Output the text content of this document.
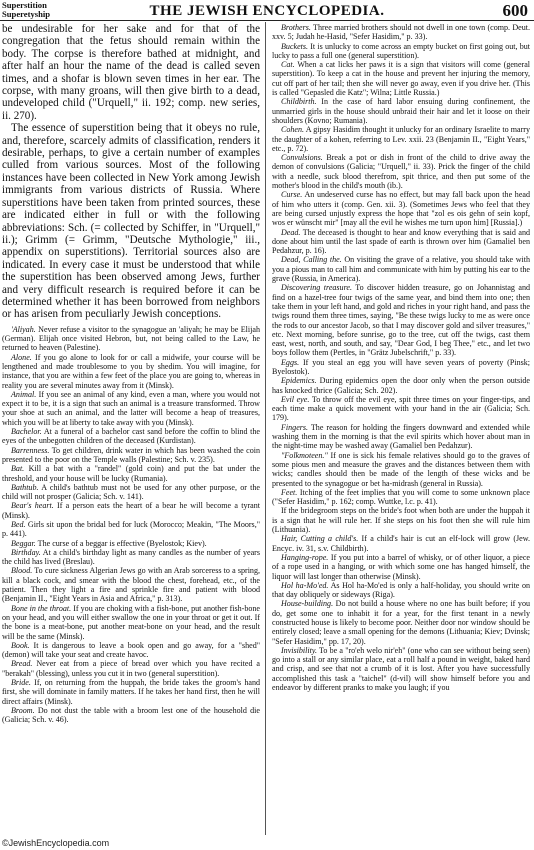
Superstition
Superetyship	THE JEWISH ENCYCLOPEDIA.	600

be undesirable for her sake and for that of the congregation that the fetus should remain within the body. The corpse is therefore bathed at midnight, and after half an hour the name of the dead is called seven times, and a shofar is blown seven times in her ear. The corpse, with many groans, will then give birth to a dead, undeveloped child ("Urquell," ii. 192; comp. new series, ii. 270).

The essence of superstition being that it obeys no rule, and, therefore, scarcely admits of classification, renders it desirable, perhaps, to give a certain number of examples culled from various sources. Most of the following instances have been collected in New York among Jewish immigrants from various districts of Russia. Where superstitions have been taken from printed sources, these are indicated either in full or with the following abbreviations: Sch. (= collected by Schiffer, in "Urquell," ii.); Grimm (= Grimm, "Deutsche Mythologie," iii., appendix on superstitions). Territorial sources also are indicated. In every case it must be understood that while the superstition has been observed among Jews, further and very difficult research is required before it can be determined whether it has been borrowed from neighbors or has arisen from peculiarly Jewish conceptions.

'Aliyah. Never refuse a visitor to the synagogue an 'aliyah; he may be Elijah (German). Elijah once visited Hebron, but, not being called to the Law, he returned to heaven (Palestine).

Alone. If you go alone to look for or call a midwife, your course will be lengthened and made troublesome to you by shedim. You will imagine, for instance, that you are within a few feet of the place you are going to, whereas in reality you are several minutes away from it (Minsk).

Animal. If you see an animal of any kind, even a man, where you would not expect it to be, it is a sign that such an animal is a treasure transformed. Throw your shoe at such an animal, and the latter will become a heap of treasures, which you will be at liberty to take away with you (Minsk).

Bachelor. At a funeral of a bachelor cast sand before the coffin to blind the eyes of the unbegotten children of the deceased (Kurdistan).

Barrenness. To get children, drink water in which has been washed the coin presented to the poor on the Temple walls (Palestine; Sch. v. 235).

Bat. Kill a bat with a "randel" (gold coin) and put the bat under the threshold, and your house will be lucky (Rumania).

Bathtub. A child's bathtub must not be used for any other purpose, or the child will not prosper (Galicia; Sch. v. 141).

Bear's heart. If a person eats the heart of a bear he will become a tyrant (Minsk).

Bed. Girls sit upon the bridal bed for luck (Morocco; Meakin, "The Moors," p. 441).

Beggar. The curse of a beggar is effective (Byelostok; Kiev).

Birthday. At a child's birthday light as many candles as the number of years the child has lived (Breslau).

Blood. To cure sickness Algerian Jews go with an Arab sorceress to a spring, kill a black cock, and smear with the blood the chest, forehead, etc., of the patient. Then they light a fire and sprinkle fire and patient with blood (Benjamin II., "Eight Years in Asia and Africa," p. 313).

Bone in the throat. If you are choking with a fish-bone, put another fish-bone on your head, and you will either swallow the one in your throat or get it out. If the bone is a meat-bone, put another meat-bone on your head, and the result will be the same (Minsk).

Book. It is dangerous to leave a book open and go away, for a "shed" (demon) will take your seat and create havoc.

Bread. Never eat from a piece of bread over which you have recited a "berakah" (blessing), unless you cut it in two (general superstition).

Bride. If, on returning from the huppah, the bride takes the groom's hand first, she will dominate in family matters. If he takes her hand first, then he will direct affairs (Minsk).

Broom. Do not dust the table with a broom lest one of the household die (Galicia; Sch. v. 46).

Brothers. Three married brothers should not dwell in one town (comp. Deut. xxv. 5; Judah he-Hasid, "Sefer Hasidim," p. 33).

Buckets. It is unlucky to come across an empty bucket on first going out, but lucky to pass a full one (general superstition).

Cat. When a cat licks her paws it is a sign that visitors will come (general superstition). To keep a cat in the house and prevent her injuring the memory, cut off part of her tail; then she will never go away, even if you drive her. (This is called "Gepasled die Katz"; Wilna; Little Russia.)

Childbirth. In the case of hard labor ensuing during confinement, the unmarried girls in the house should unbraid their hair and let it loose on their shoulders (Kovno; Rumania).

Cohen. A gipsy Hasidim thought it unlucky for an ordinary Israelite to marry the daughter of a kohen, referring to Lev. xxii. 23 (Benjamin II., "Eight Years," etc., p. 72).

Convulsions. Break a pot or dish in front of the child to drive away the demon of convulsions (Galicia; "Urquell," ii. 33). Prick the finger of the child with a needle, suck blood therefrom, spit thrice, and then put some of the mother's blood in the child's mouth (ib.).

Curse. An undeserved curse has no effect, but may fall back upon the head of him who utters it (comp. Gen. xii. 3). (Sometimes Jews who feel that they are being cursed unjustly express the hope that "zol es ois gehn of sein kopf, wos er wünscht mir" [may all the evil he wishes me turn upon him] [Russia].)

Dead. The deceased is thought to hear and know everything that is said and done about him until the last spade of earth is thrown over him (Gamaliel ben Pedahzur, p. 16).

Dead, Calling the. On visiting the grave of a relative, you should take with you a pious man to call him and communicate with him by putting his ear to the grave (Russia, in America).

Discovering treasure. To discover hidden treasure, go on Johannistag and find on a hazel-tree four twigs of the same year, and bind them into one; then take them in your left hand, and gold and riches in your right hand, and pass the twigs round them three times, saying, "Be these twigs lucky to me as were once the rods to our ancestor Jacob, so that I may discover gold and silver treasures," etc. Next morning, before sunrise, go to the tree, cut off the twigs, cast them east, west, north, and south, and say, "Dear God, I beg Thee," etc., and let two boys follow them (Pertles, in "Grätz Jubelschrift," p. 33).

Eggs. If you steal an egg you will have seven years of poverty (Pinsk; Byelostok).

Epidemics. During epidemics open the door only when the person outside has knocked thrice (Galicia; Sch. 202).

Evil eye. To throw off the evil eye, spit three times on your finger-tips, and each time make a quick movement with your hand in the air (Galicia; Sch. 179).

Fingers. The reason for holding the fingers downward and extended while washing them in the morning is that the evil spirits which hover about man in the night-time may be washed away (Gamaliel ben Pedahzur).

"Folkmoteen." If one is sick his female relatives should go to the graves of some pious men and measure the graves and the distances between them with wicks; candles should then be made of the length of these wicks and be presented to the synagogue or bet ha-midrash (general in Russia).

Feet. Itching of the feet implies that you will come to some unknown place ("Sefer Hasidim," p. 162; comp. Wuttke, l.c. p. 41).

If the bridegroom steps on the bride's foot when both are under the huppah it is a sign that he will rule her. If she steps on his foot then she will rule him (Lithuania).

Hair, Cutting a child's. If a child's hair is cut an elf-lock will grow (Jew. Encyc. iv. 31, s.v. Childbirth).

Hanging-rope. If you put into a barrel of whisky, or of other liquor, a piece of a rope used in a hanging, or with which some one has hanged himself, the liquor will last longer than otherwise (Minsk).

Hol ha-Mo'ed. As Hol ha-Mo'ed is only a half-holiday, you should write on that day obliquely or sideways (Riga).

House-building. Do not build a house where no one has built before; if you do, get some one to inhabit it for a year, for the first tenant in a newly constructed house is likely to become poor. Neither door nor window should be entirely closed; leave a small opening for the demons (Lithuania; Kiev; Dvinsk; "Sefer Hasidim," pp. 17, 20).

Invisibility. To be a "ro'eh welo nir'eh" (one who can see without being seen) go into a stall or any similar place, eat a roll half a pound in weight, baked hard and crisp, and see that not a crumb of it is lost. After you have successfully accomplished this task a "taichel" (d-vil) will show himself before you and endeavor by different pranks to make you laugh; if you

©JewishEncyclopedia.com
